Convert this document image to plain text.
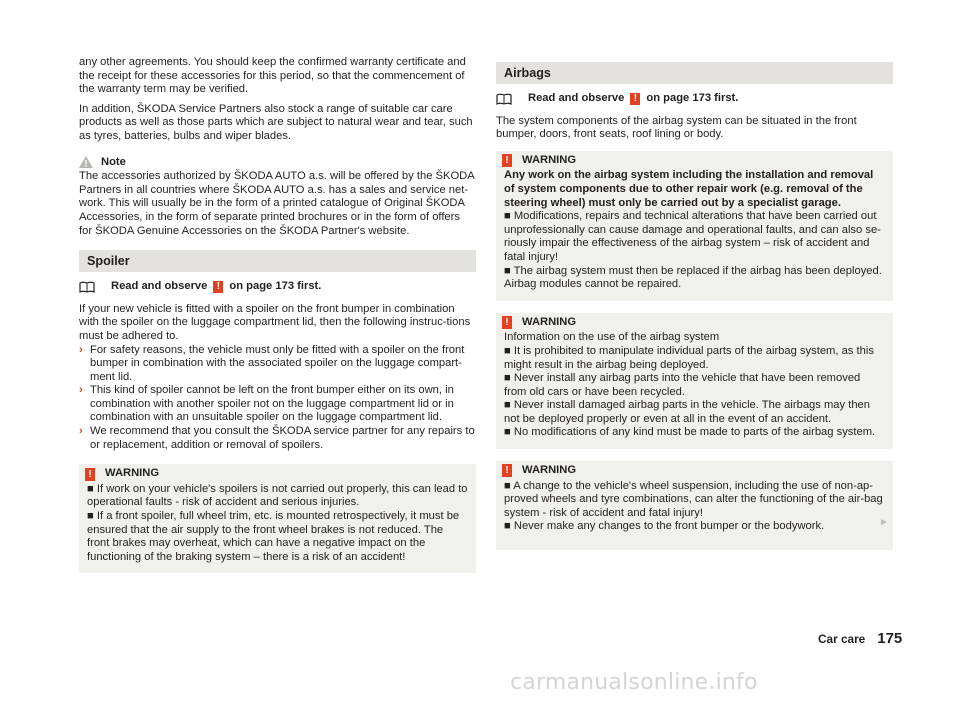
any other agreements. You should keep the confirmed warranty certificate and the receipt for these accessories for this period, so that the commencement of the warranty term may be verified.

In addition, ŠKODA Service Partners also stock a range of suitable car care products as well as those parts which are subject to natural wear and tear, such as tyres, batteries, bulbs and wiper blades.

Note

The accessories authorized by ŠKODA AUTO a.s. will be offered by the ŠKODA Partners in all countries where ŠKODA AUTO a.s. has a sales and service net-work. This will usually be in the form of a printed catalogue of Original ŠKODA Accessories, in the form of separate printed brochures or in the form of offers for ŠKODA Genuine Accessories on the ŠKODA Partner's website.

Spoiler
Read and observe ! on page 173 first.

If your new vehicle is fitted with a spoiler on the front bumper in combination with the spoiler on the luggage compartment lid, then the following instruc-tions must be adhered to.

› For safety reasons, the vehicle must only be fitted with a spoiler on the front bumper in combination with the associated spoiler on the luggage compart-ment lid.
› This kind of spoiler cannot be left on the front bumper either on its own, in combination with another spoiler not on the luggage compartment lid or in combination with an unsuitable spoiler on the luggage compartment lid.
› We recommend that you consult the ŠKODA service partner for any repairs to or replacement, addition or removal of spoilers.
! WARNING

■ If work on your vehicle's spoilers is not carried out properly, this can lead to operational faults - risk of accident and serious injuries.

■ If a front spoiler, full wheel trim, etc. is mounted retrospectively, it must be ensured that the air supply to the front wheel brakes is not reduced. The front brakes may overheat, which can have a negative impact on the functioning of the braking system – there is a risk of an accident!

Airbags
Read and observe ! on page 173 first.

The system components of the airbag system can be situated in the front bumper, doors, front seats, roof lining or body.

! WARNING

Any work on the airbag system including the installation and removal of system components due to other repair work (e.g. removal of the steering wheel) must only be carried out by a specialist garage.

■ Modifications, repairs and technical alterations that have been carried out unprofessionally can cause damage and operational faults, and can also se-riously impair the effectiveness of the airbag system – risk of accident and fatal injury!

■ The airbag system must then be replaced if the airbag has been deployed. Airbag modules cannot be repaired.

! WARNING

Information on the use of the airbag system

■ It is prohibited to manipulate individual parts of the airbag system, as this might result in the airbag being deployed.

■ Never install any airbag parts into the vehicle that have been removed from old cars or have been recycled.

■ Never install damaged airbag parts in the vehicle. The airbags may then not be deployed properly or even at all in the event of an accident.

■ No modifications of any kind must be made to parts of the airbag system.

! WARNING

■ A change to the vehicle's wheel suspension, including the use of non-ap-proved wheels and tyre combinations, can alter the functioning of the air-bag system - risk of accident and fatal injury!

■ Never make any changes to the front bumper or the bodywork.	►
Car care 175
carmanualsonline.info
